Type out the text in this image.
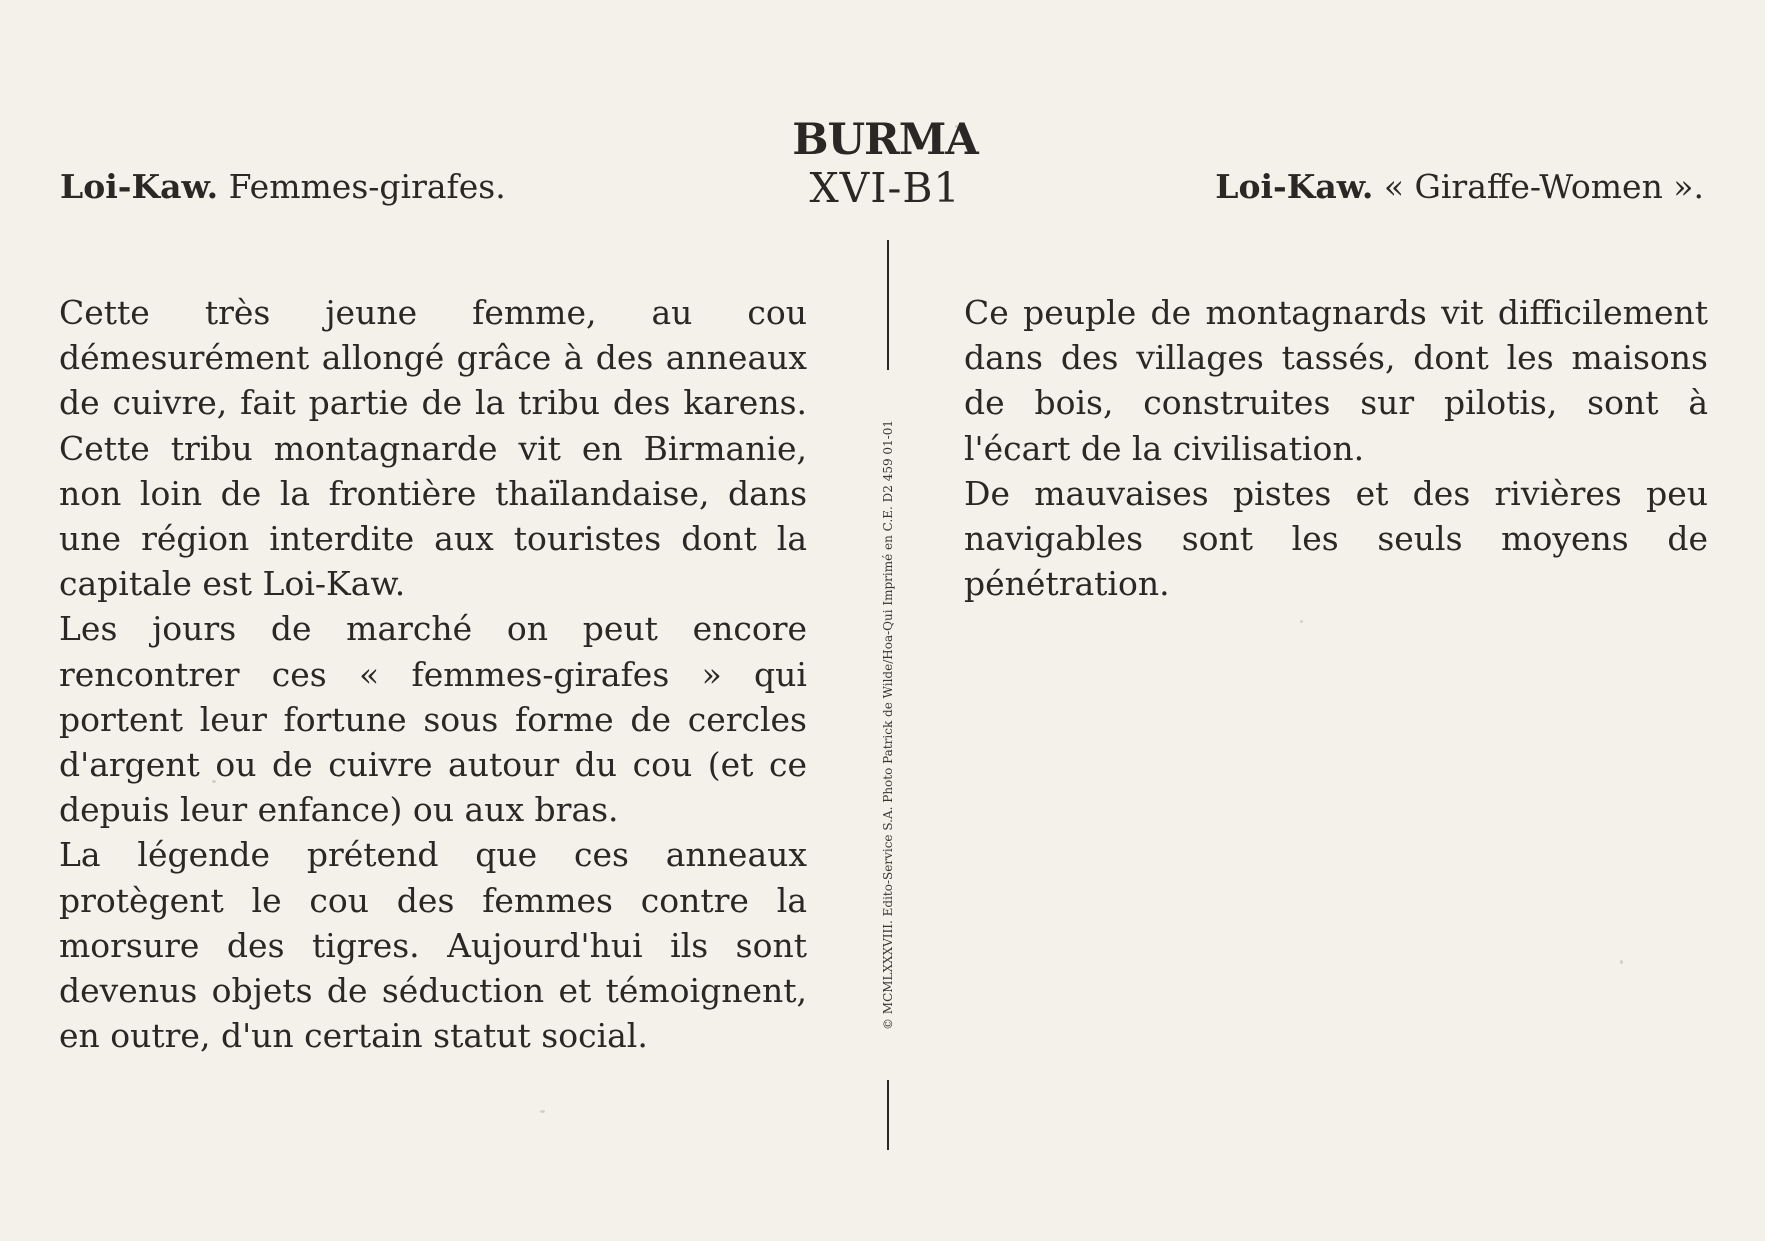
BURMA
XVI-B1
Loi-Kaw. Femmes-girafes.	Loi-Kaw. « Giraffe-Women ».

Cette très jeune femme, au cou démesurément allongé grâce à des anneaux de cuivre, fait partie de la tribu des karens. Cette tribu montagnarde vit en Birmanie, non loin de la frontière thaïlandaise, dans une région interdite aux touristes dont la capitale est Loi-Kaw.

Les jours de marché on peut encore rencontrer ces « femmes-girafes » qui portent leur fortune sous forme de cercles d'argent ou de cuivre autour du cou (et ce depuis leur enfance) ou aux bras.

La légende prétend que ces anneaux protègent le cou des femmes contre la morsure des tigres. Aujourd'hui ils sont devenus objets de séduction et témoignent, en outre, d'un certain statut social.

© MCMLXXXVIII. Edito-Service S.A. Photo Patrick de Wilde/Hoa-Qui Imprimé en C.E. D2 459 01-01

Ce peuple de montagnards vit difficilement dans des villages tassés, dont les maisons de bois, construites sur pilotis, sont à l'écart de la civilisation.

De mauvaises pistes et des rivières peu navigables sont les seuls moyens de pénétration.
